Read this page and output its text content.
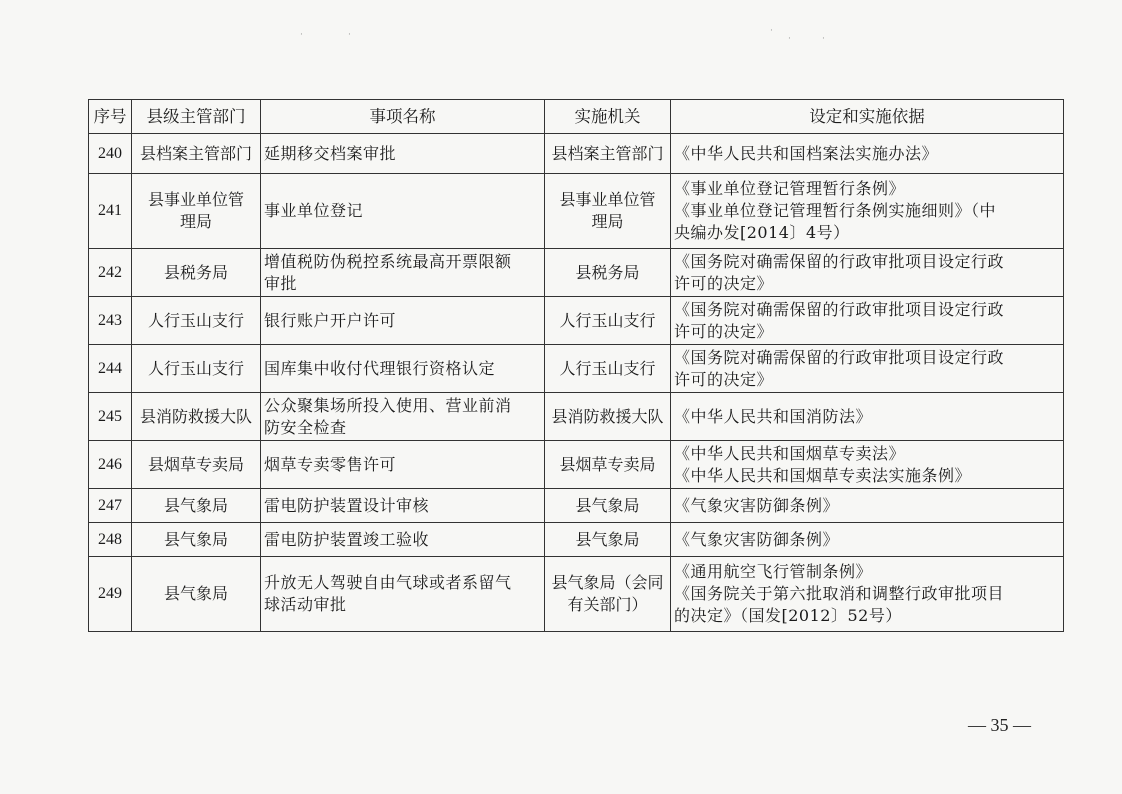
·	·	·
·	·
序号	县级主管部门	事项名称	实施机关	设定和实施依据
240	县档案主管部门	延期移交档案审批	县档案主管部门	《中华人民共和国档案法实施办法》

241	县事业单位管
理局	事业单位登记	县事业单位管
理局	《事业单位登记管理暂行条例》
《事业单位登记管理暂行条例实施细则》（中
央编办发[2014〕4号）

242	县税务局	增值税防伪税控系统最高开票限额
审批	县税务局	《国务院对确需保留的行政审批项目设定行政
许可的决定》

243	人行玉山支行	银行账户开户许可	人行玉山支行	《国务院对确需保留的行政审批项目设定行政
许可的决定》

244	人行玉山支行	国库集中收付代理银行资格认定	人行玉山支行	《国务院对确需保留的行政审批项目设定行政
许可的决定》

245	县消防救援大队	公众聚集场所投入使用、营业前消
防安全检查	县消防救援大队	《中华人民共和国消防法》

246	县烟草专卖局	烟草专卖零售许可	县烟草专卖局	《中华人民共和国烟草专卖法》
《中华人民共和国烟草专卖法实施条例》

247	县气象局	雷电防护装置设计审核	县气象局	《气象灾害防御条例》

248	县气象局	雷电防护装置竣工验收	县气象局	《气象灾害防御条例》

249	县气象局	升放无人驾驶自由气球或者系留气
球活动审批	县气象局（会同
有关部门）	《通用航空飞行管制条例》
《国务院关于第六批取消和调整行政审批项目
的决定》（国发[2012〕52号）
— 35 —
